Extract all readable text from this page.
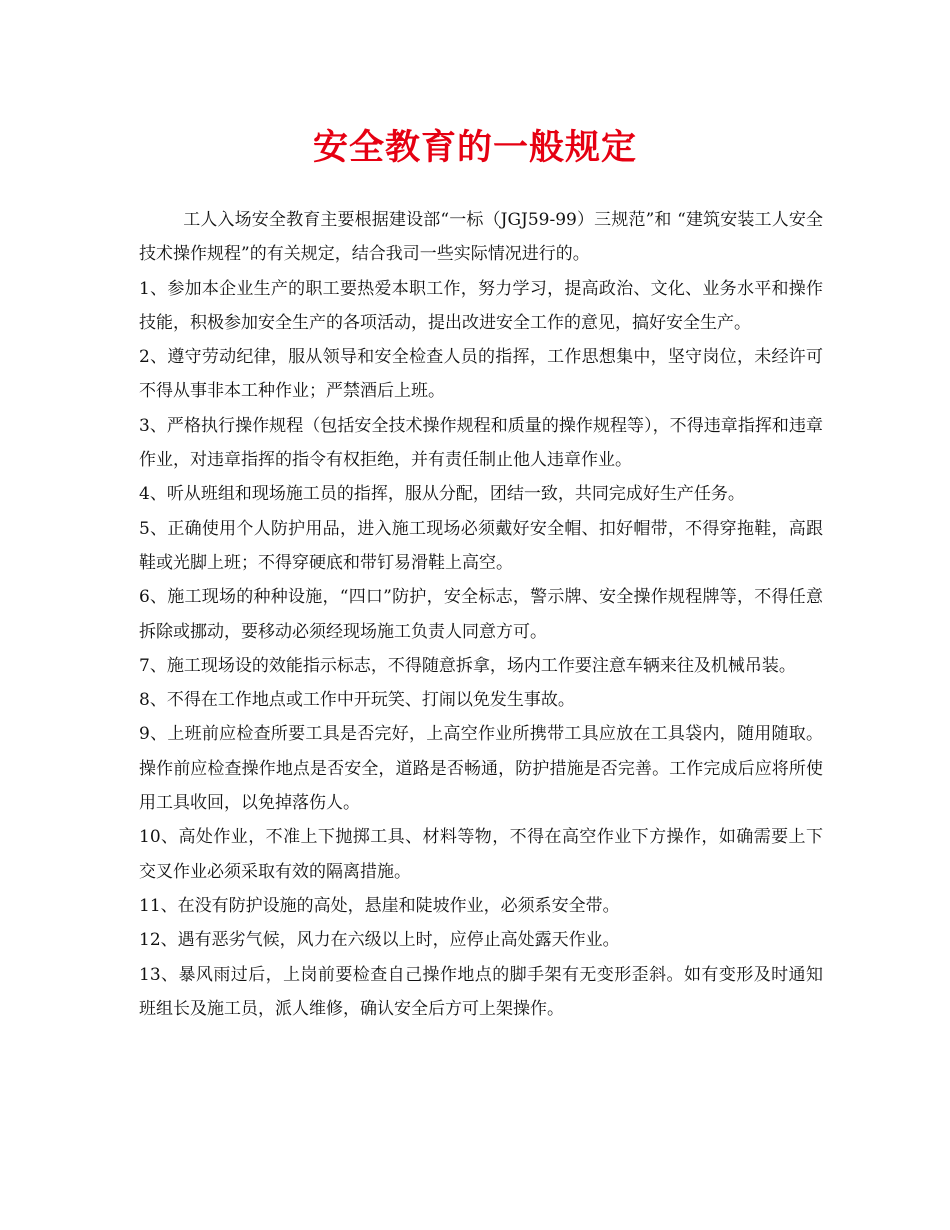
安全教育的一般规定

工人入场安全教育主要根据建设部“一标（JGJ59-99）三规范”和 “建筑安装工人安全技术操作规程”的有关规定，结合我司一些实际情况进行的。

1、参加本企业生产的职工要热爱本职工作，努力学习，提高政治、文化、业务水平和操作技能，积极参加安全生产的各项活动，提出改进安全工作的意见，搞好安全生产。

2、遵守劳动纪律，服从领导和安全检查人员的指挥，工作思想集中，坚守岗位，未经许可不得从事非本工种作业；严禁酒后上班。

3、严格执行操作规程（包括安全技术操作规程和质量的操作规程等），不得违章指挥和违章作业，对违章指挥的指令有权拒绝，并有责任制止他人违章作业。

4、听从班组和现场施工员的指挥，服从分配，团结一致，共同完成好生产任务。

5、正确使用个人防护用品，进入施工现场必须戴好安全帽、扣好帽带，不得穿拖鞋，高跟鞋或光脚上班；不得穿硬底和带钉易滑鞋上高空。

6、施工现场的种种设施，“四口”防护，安全标志，警示牌、安全操作规程牌等，不得任意拆除或挪动，要移动必须经现场施工负责人同意方可。

7、施工现场设的效能指示标志，不得随意拆拿，场内工作要注意车辆来往及机械吊装。

8、不得在工作地点或工作中开玩笑、打闹以免发生事故。

9、上班前应检查所要工具是否完好，上高空作业所携带工具应放在工具袋内，随用随取。操作前应检查操作地点是否安全，道路是否畅通，防护措施是否完善。工作完成后应将所使用工具收回，以免掉落伤人。

10、高处作业，不准上下抛掷工具、材料等物，不得在高空作业下方操作，如确需要上下交叉作业必须采取有效的隔离措施。

11、在没有防护设施的高处，悬崖和陡坡作业，必须系安全带。

12、遇有恶劣气候，风力在六级以上时，应停止高处露天作业。

13、暴风雨过后，上岗前要检查自己操作地点的脚手架有无变形歪斜。如有变形及时通知班组长及施工员，派人维修，确认安全后方可上架操作。
